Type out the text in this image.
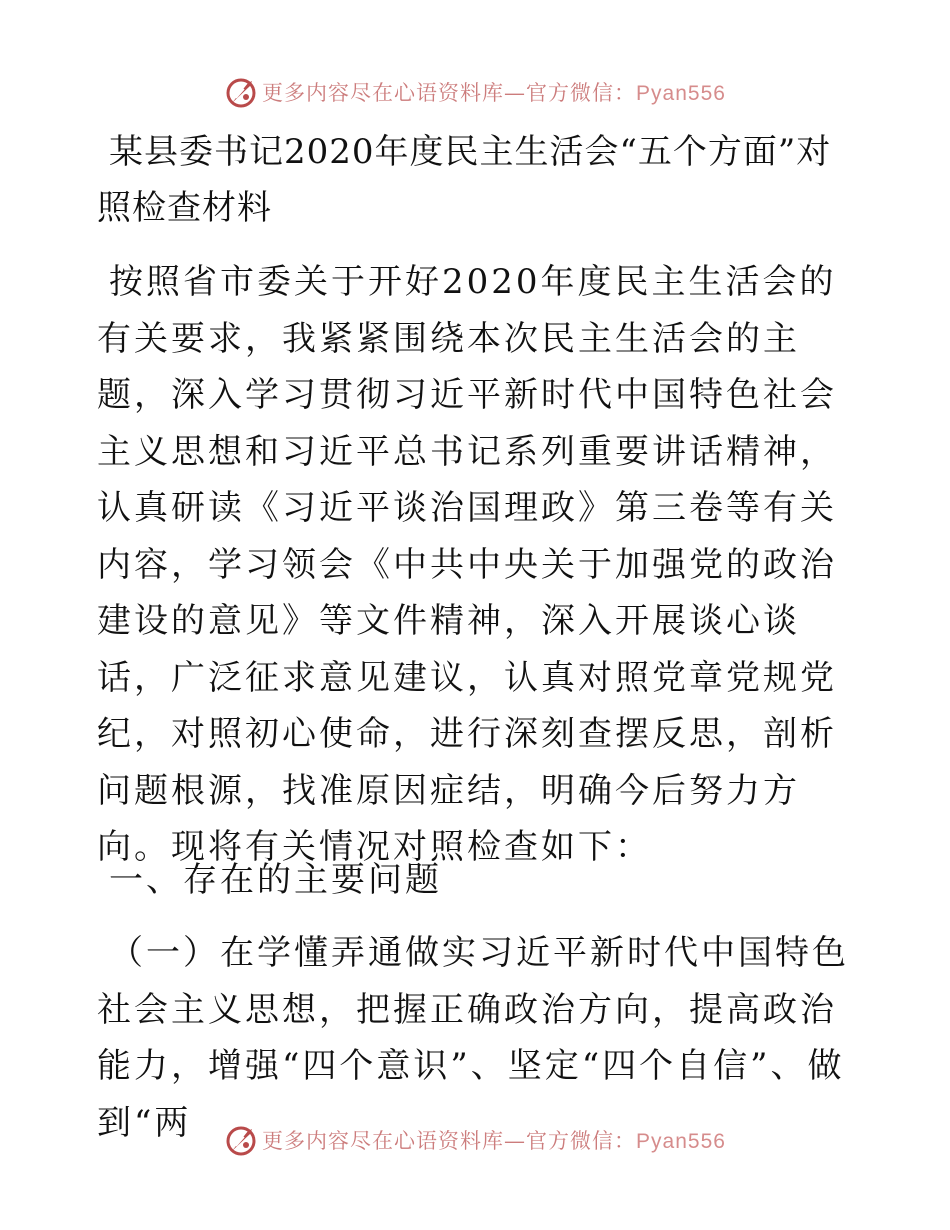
更多内容尽在心语资料库—官方微信：Pyan556
某县委书记2020年度民主生活会“五个方面”对照检查材料

按照省市委关于开好2020年度民主生活会的有关要求，我紧紧围绕本次民主生活会的主题，深入学习贯彻习近平新时代中国特色社会主义思想和习近平总书记系列重要讲话精神，认真研读《习近平谈治国理政》第三卷等有关内容，学习领会《中共中央关于加强党的政治建设的意见》等文件精神，深入开展谈心谈话，广泛征求意见建议，认真对照党章党规党纪，对照初心使命，进行深刻查摆反思，剖析问题根源，找准原因症结，明确今后努力方向。现将有关情况对照检查如下：

一、存在的主要问题

（一）在学懂弄通做实习近平新时代中国特色社会主义思想，把握正确政治方向，提高政治能力，增强“四个意识”、坚定“四个自信”、做到“两	更多内容尽在心语资料库—官方微信：Pyan556
